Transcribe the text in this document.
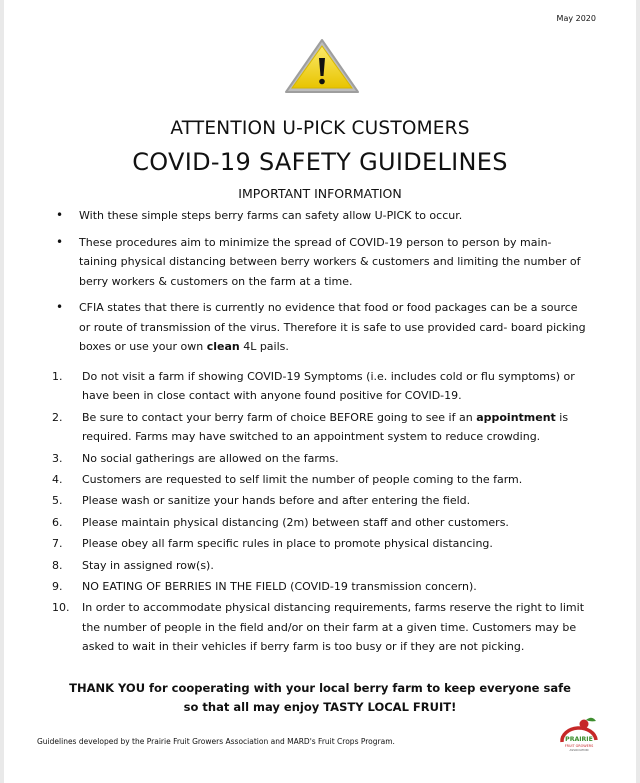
May 2020
ATTENTION U-PICK CUSTOMERS
COVID-19 SAFETY GUIDELINES
IMPORTANT INFORMATION
• With these simple steps berry farms can safety allow U-PICK to occur.
• These procedures aim to minimize the spread of COVID-19 person to person by main- taining physical distancing between berry workers & customers and limiting the number of berry workers & customers on the farm at a time.
• CFIA states that there is currently no evidence that food or food packages can be a source or route of transmission of the virus. Therefore it is safe to use provided card- board picking boxes or use your own clean 4L pails.
1. Do not visit a farm if showing COVID-19 Symptoms (i.e. includes cold or flu symptoms) or have been in close contact with anyone found positive for COVID-19.
2. Be sure to contact your berry farm of choice BEFORE going to see if an appointment is required. Farms may have switched to an appointment system to reduce crowding.
3. No social gatherings are allowed on the farms.
4. Customers are requested to self limit the number of people coming to the farm.
5. Please wash or sanitize your hands before and after entering the field.
6. Please maintain physical distancing (2m) between staff and other customers.
7. Please obey all farm specific rules in place to promote physical distancing.
8. Stay in assigned row(s).
9. NO EATING OF BERRIES IN THE FIELD (COVID-19 transmission concern).
10. In order to accommodate physical distancing requirements, farms reserve the right to limit the number of people in the field and/or on their farm at a given time. Customers may be asked to wait in their vehicles if berry farm is too busy or if they are not picking.
THANK YOU for cooperating with your local berry farm to keep everyone safe
so that all may enjoy TASTY LOCAL FRUIT!
Guidelines developed by the Prairie Fruit Growers Association and MARD's Fruit Crops Program.	PRAIRIE
FRUIT GROWERS
ASSOCIATION
